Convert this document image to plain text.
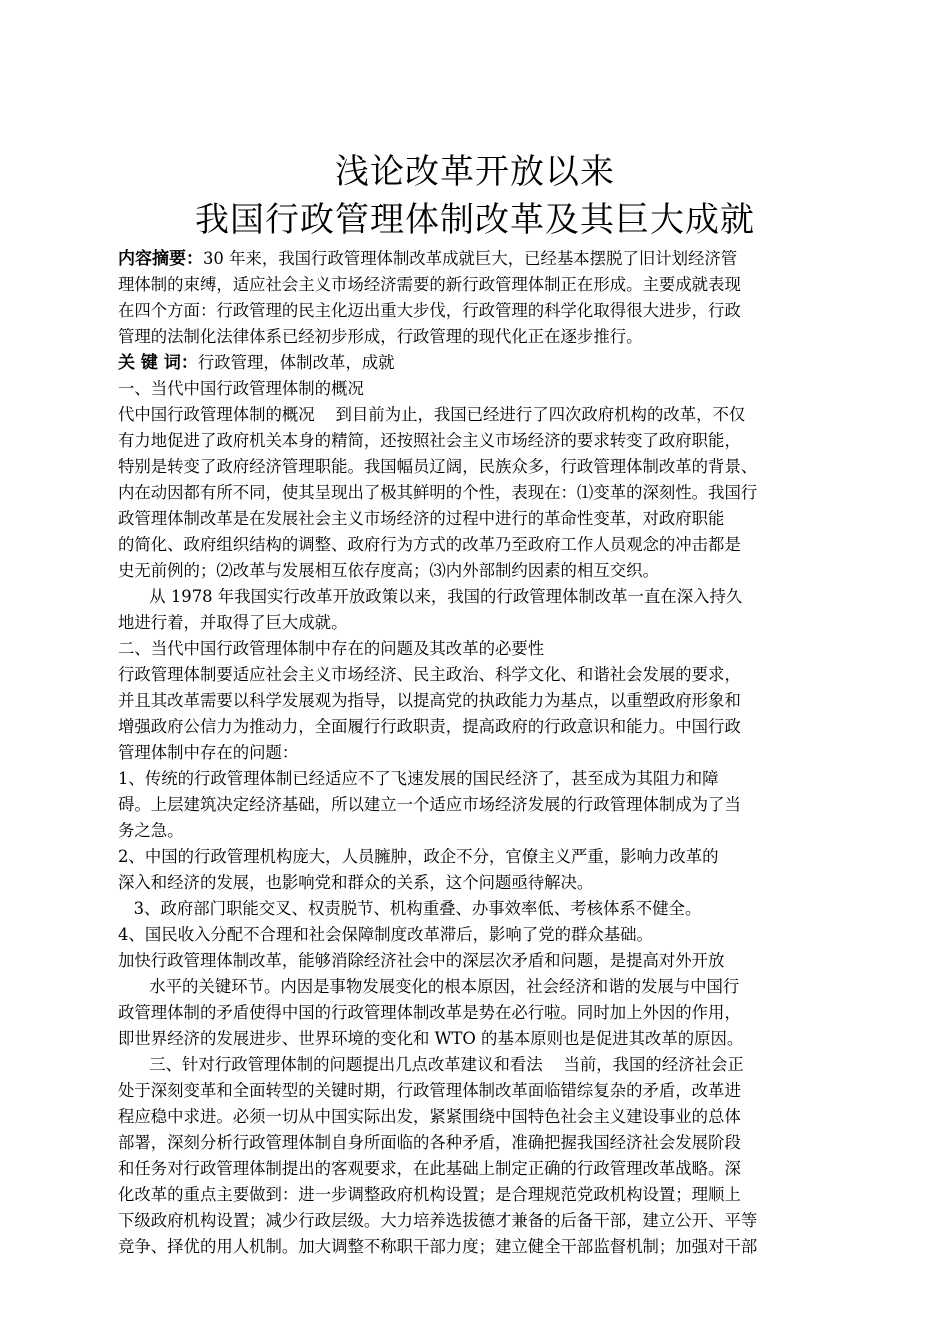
浅论改革开放以来
我国行政管理体制改革及其巨大成就
内容摘要：30 年来，我国行政管理体制改革成就巨大，已经基本摆脱了旧计划经济管
理体制的束缚，适应社会主义市场经济需要的新行政管理体制正在形成。主要成就表现
在四个方面：行政管理的民主化迈出重大步伐，行政管理的科学化取得很大进步，行政
管理的法制化法律体系已经初步形成，行政管理的现代化正在逐步推行。
关 键 词：行政管理，体制改革，成就
一、当代中国行政管理体制的概况
代中国行政管理体制的概况    到目前为止，我国已经进行了四次政府机构的改革，不仅
有力地促进了政府机关本身的精简，还按照社会主义市场经济的要求转变了政府职能，
特别是转变了政府经济管理职能。我国幅员辽阔，民族众多，行政管理体制改革的背景、
内在动因都有所不同，使其呈现出了极其鲜明的个性，表现在：⑴变革的深刻性。我国行
政管理体制改革是在发展社会主义市场经济的过程中进行的革命性变革，对政府职能
的简化、政府组织结构的调整、政府行为方式的改革乃至政府工作人员观念的冲击都是
史无前例的；⑵改革与发展相互依存度高；⑶内外部制约因素的相互交织。
从 1978 年我国实行改革开放政策以来，我国的行政管理体制改革一直在深入持久
地进行着，并取得了巨大成就。
二、当代中国行政管理体制中存在的问题及其改革的必要性
行政管理体制要适应社会主义市场经济、民主政治、科学文化、和谐社会发展的要求，
并且其改革需要以科学发展观为指导，以提高党的执政能力为基点，以重塑政府形象和
增强政府公信力为推动力，全面履行行政职责，提高政府的行政意识和能力。中国行政
管理体制中存在的问题：
1、传统的行政管理体制已经适应不了飞速发展的国民经济了，甚至成为其阻力和障
碍。上层建筑决定经济基础，所以建立一个适应市场经济发展的行政管理体制成为了当
务之急。
2、中国的行政管理机构庞大，人员臃肿，政企不分，官僚主义严重，影响力改革的
深入和经济的发展，也影响党和群众的关系，这个问题亟待解决。
3、政府部门职能交叉、权责脱节、机构重叠、办事效率低、考核体系不健全。
4、国民收入分配不合理和社会保障制度改革滞后，影响了党的群众基础。
加快行政管理体制改革，能够消除经济社会中的深层次矛盾和问题，是提高对外开放
水平的关键环节。内因是事物发展变化的根本原因，社会经济和谐的发展与中国行
政管理体制的矛盾使得中国的行政管理体制改革是势在必行啦。同时加上外因的作用，
即世界经济的发展进步、世界环境的变化和 WTO 的基本原则也是促进其改革的原因。
三、针对行政管理体制的问题提出几点改革建议和看法    当前，我国的经济社会正
处于深刻变革和全面转型的关键时期，行政管理体制改革面临错综复杂的矛盾，改革进
程应稳中求进。必须一切从中国实际出发，紧紧围绕中国特色社会主义建设事业的总体
部署，深刻分析行政管理体制自身所面临的各种矛盾，准确把握我国经济社会发展阶段
和任务对行政管理体制提出的客观要求，在此基础上制定正确的行政管理改革战略。深
化改革的重点主要做到：进一步调整政府机构设置；是合理规范党政机构设置；理顺上
下级政府机构设置；减少行政层级。大力培养选拔德才兼备的后备干部，建立公开、平等
竞争、择优的用人机制。加大调整不称职干部力度；建立健全干部监督机制；加强对干部
